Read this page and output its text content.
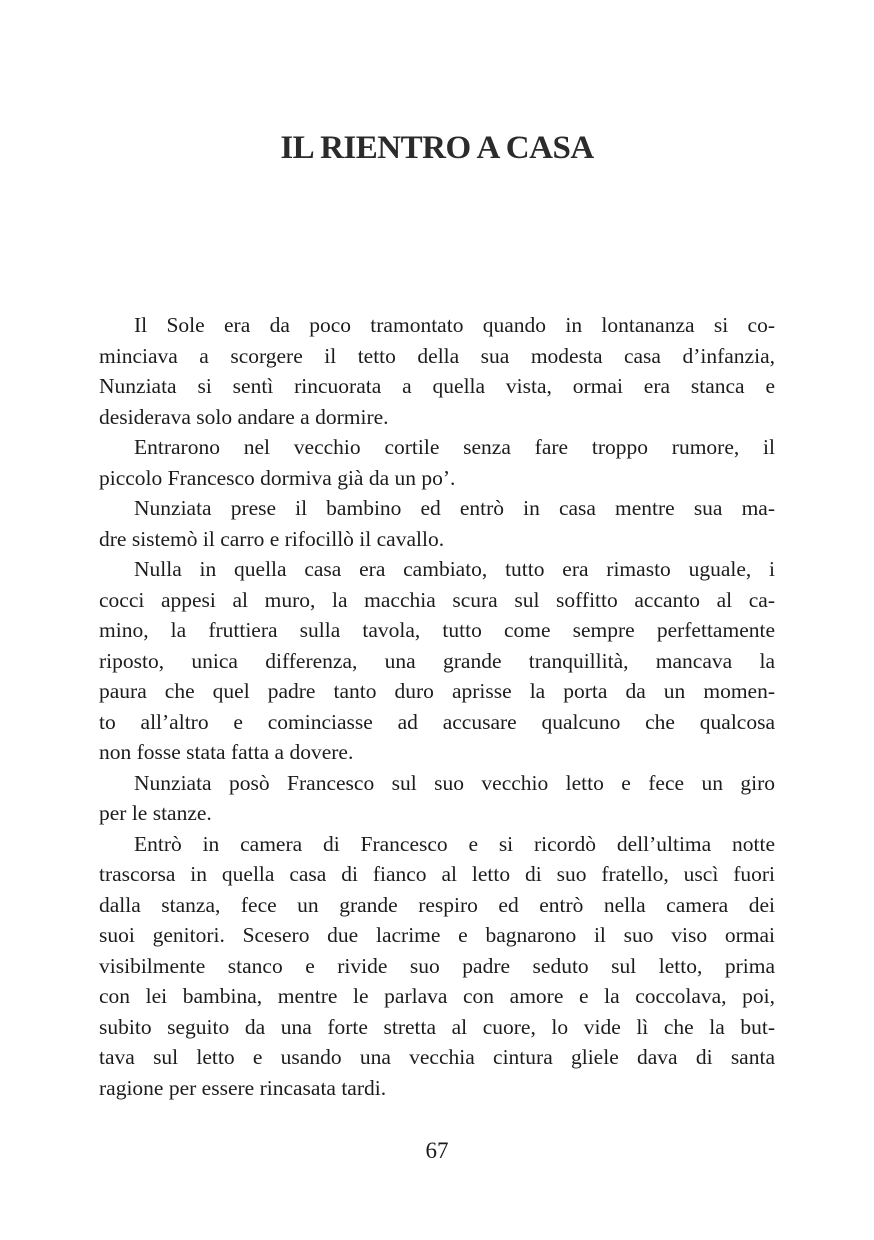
IL RIENTRO A CASA
Il Sole era da poco tramontato quando in lontananza si co-
minciava a scorgere il tetto della sua modesta casa d’infanzia,
Nunziata si sentì rincuorata a quella vista, ormai era stanca e
desiderava solo andare a dormire.
Entrarono nel vecchio cortile senza fare troppo rumore, il
piccolo Francesco dormiva già da un po’.
Nunziata prese il bambino ed entrò in casa mentre sua ma-
dre sistemò il carro e rifocillò il cavallo.
Nulla in quella casa era cambiato, tutto era rimasto uguale, i
cocci appesi al muro, la macchia scura sul soffitto accanto al ca-
mino, la fruttiera sulla tavola, tutto come sempre perfettamente
riposto, unica differenza, una grande tranquillità, mancava la
paura che quel padre tanto duro aprisse la porta da un momen-
to all’altro e cominciasse ad accusare qualcuno che qualcosa
non fosse stata fatta a dovere.
Nunziata posò Francesco sul suo vecchio letto e fece un giro
per le stanze.
Entrò in camera di Francesco e si ricordò dell’ultima notte
trascorsa in quella casa di fianco al letto di suo fratello, uscì fuori
dalla stanza, fece un grande respiro ed entrò nella camera dei
suoi genitori. Scesero due lacrime e bagnarono il suo viso ormai
visibilmente stanco e rivide suo padre seduto sul letto, prima
con lei bambina, mentre le parlava con amore e la coccolava, poi,
subito seguito da una forte stretta al cuore, lo vide lì che la but-
tava sul letto e usando una vecchia cintura gliele dava di santa
ragione per essere rincasata tardi.
67
